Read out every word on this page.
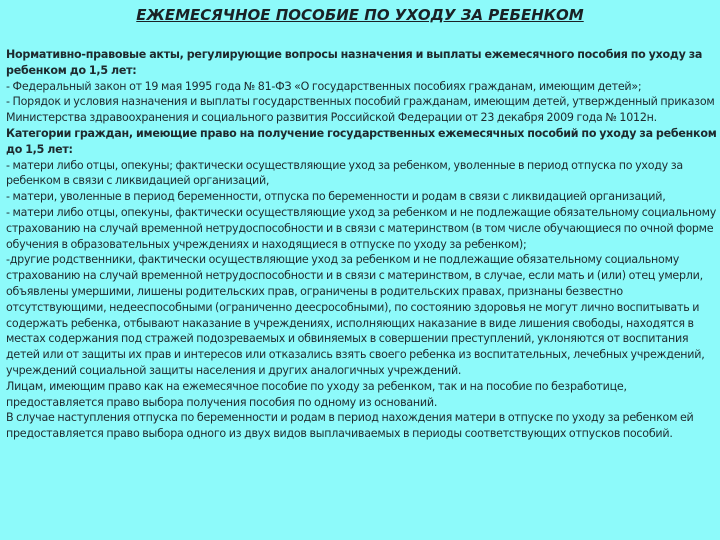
ЕЖЕМЕСЯЧНОЕ ПОСОБИЕ ПО УХОДУ ЗА РЕБЕНКОМ

Нормативно-правовые акты, регулирующие вопросы назначения и выплаты ежемесячного пособия по уходу за ребенком до 1,5 лет:

- Федеральный закон от 19 мая 1995 года № 81-ФЗ «О государственных пособиях гражданам, имеющим детей»;

- Порядок и условия назначения и выплаты государственных пособий гражданам, имеющим детей, утвержденный приказом Министерства здравоохранения и социального развития Российской Федерации от 23 декабря 2009 года № 1012н.

Категории граждан, имеющие право на получение государственных ежемесячных пособий по уходу за ребенком до 1,5 лет:

- матери либо отцы, опекуны; фактически осуществляющие уход за ребенком, уволенные в период отпуска по уходу за ребенком в связи с ликвидацией организаций,

- матери, уволенные в период беременности, отпуска по беременности и родам в связи с ликвидацией организаций,

- матери либо отцы, опекуны, фактически осуществляющие уход за ребенком и не подлежащие обязательному социальному страхованию на случай временной нетрудоспособности и в связи с материнством (в том числе обучающиеся по очной форме обучения в образовательных учреждениях и находящиеся в отпуске по уходу за ребенком);

-другие родственники, фактически осуществляющие уход за ребенком и не подлежащие обязательному социальному страхованию на случай временной нетрудоспособности и в связи с материнством, в случае, если мать и (или) отец умерли, объявлены умершими, лишены родительских прав, ограничены в родительских правах, признаны безвестно отсутствующими, недееспособными (ограниченно деесрособными), по состоянию здоровья не могут лично воспитывать и содержать ребенка, отбывают наказание в учреждениях, исполняющих наказание в виде лишения свободы, находятся в местах содержания под стражей подозреваемых и обвиняемых в совершении преступлений, уклоняются от воспитания детей или от защиты их прав и интересов или отказались взять своего ребенка из воспитательных, лечебных учреждений, учреждений социальной защиты населения и других аналогичных учреждений.

Лицам, имеющим право как на ежемесячное пособие по уходу за ребенком, так и на пособие по безработице, предоставляется право выбора получения пособия по одному из оснований.

В случае наступления отпуска по беременности и родам в период нахождения матери в отпуске по уходу за ребенком ей предоставляется право выбора одного из двух видов выплачиваемых в периоды соответствующих отпусков пособий.
